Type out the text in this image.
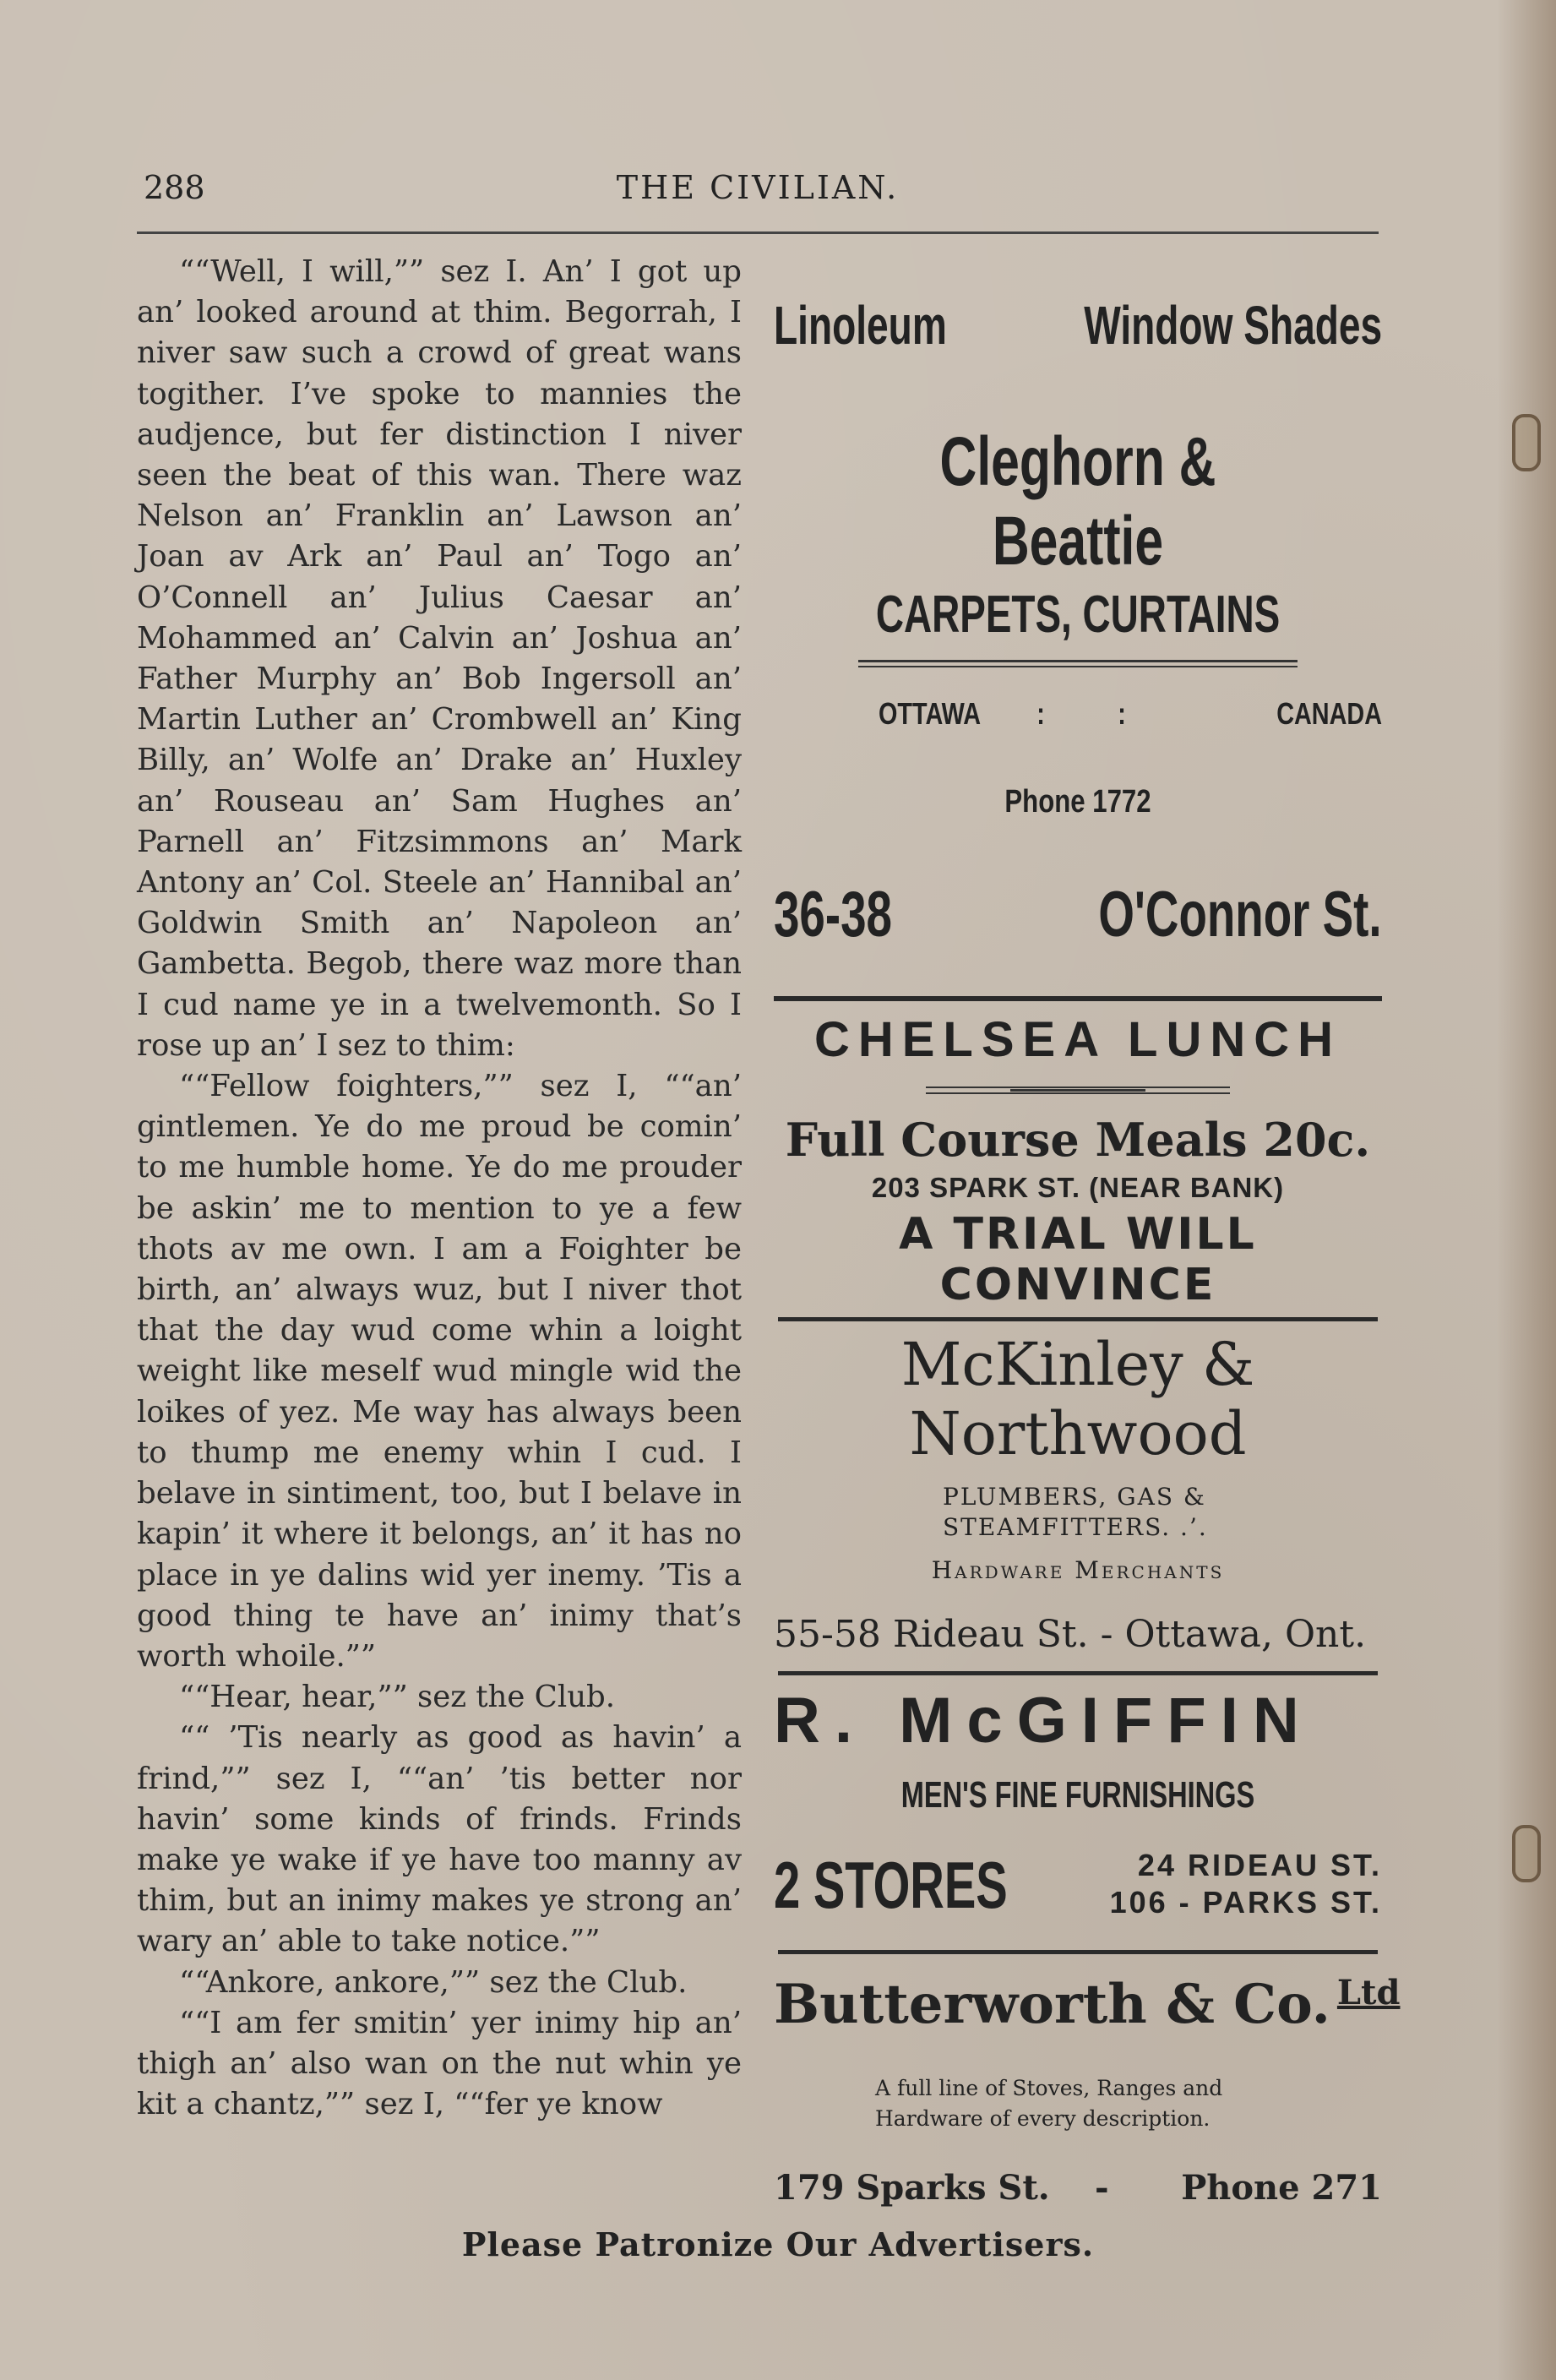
288	THE CIVILIAN.

““Well, I will,”” sez I. An’ I got up an’ looked around at thim. Begorrah, I niver saw such a crowd of great wans togither. I’ve spoke to mannies the audjence, but fer distinction I niver seen the beat of this wan. There waz Nelson an’ Franklin an’ Lawson an’ Joan av Ark an’ Paul an’ Togo an’ O’Connell an’ Julius Caesar an’ Mohammed an’ Calvin an’ Joshua an’ Father Murphy an’ Bob Ingersoll an’ Martin Luther an’ Crombwell an’ King Billy, an’ Wolfe an’ Drake an’ Huxley an’ Rouseau an’ Sam Hughes an’ Parnell an’ Fitzsimmons an’ Mark Antony an’ Col. Steele an’ Hannibal an’ Goldwin Smith an’ Napoleon an’ Gambetta. Begob, there waz more than I cud name ye in a twelvemonth. So I rose up an’ I sez to thim:

““Fellow foighters,”” sez I, ““an’ gintlemen. Ye do me proud be comin’ to me humble home. Ye do me prouder be askin’ me to mention to ye a few thots av me own. I am a Foighter be birth, an’ always wuz, but I niver thot that the day wud come whin a loight weight like meself wud mingle wid the loikes of yez. Me way has always been to thump me enemy whin I cud. I belave in sintiment, too, but I belave in kapin’ it where it belongs, an’ it has no place in ye dalins wid yer inemy. ’Tis a good thing te have an’ inimy that’s worth whoile.””

““Hear, hear,”” sez the Club.

““ ’Tis nearly as good as havin’ a frind,”” sez I, ““an’ ’tis better nor havin’ some kinds of frinds. Frinds make ye wake if ye have too manny av thim, but an inimy makes ye strong an’ wary an’ able to take notice.””

““Ankore, ankore,”” sez the Club.

““I am fer smitin’ yer inimy hip an’ thigh an’ also wan on the nut whin ye kit a chantz,”” sez I, ““fer ye know

Linoleum	Window Shades
Cleghorn & Beattie
CARPETS, CURTAINS
OTTAWA : :	CANADA
Phone 1772
36-38	O'Connor St.
CHELSEA LUNCH
Full Course Meals 20c.
203 SPARK ST. (NEAR BANK)
A TRIAL WILL CONVINCE
McKinley & Northwood
PLUMBERS, GAS &
STEAMFITTERS. .’.
Hardware Merchants
55-58 Rideau St. - Ottawa, Ont.
R. McGIFFIN
MEN'S FINE FURNISHINGS
2 STORES	24 RIDEAU ST.
106 - PARKS ST.
Butterworth & Co. $^{Ltd}$
A full line of Stoves, Ranges and
Hardware of every description.
179 Sparks St. - Phone 271
Please Patronize Our Advertisers.
